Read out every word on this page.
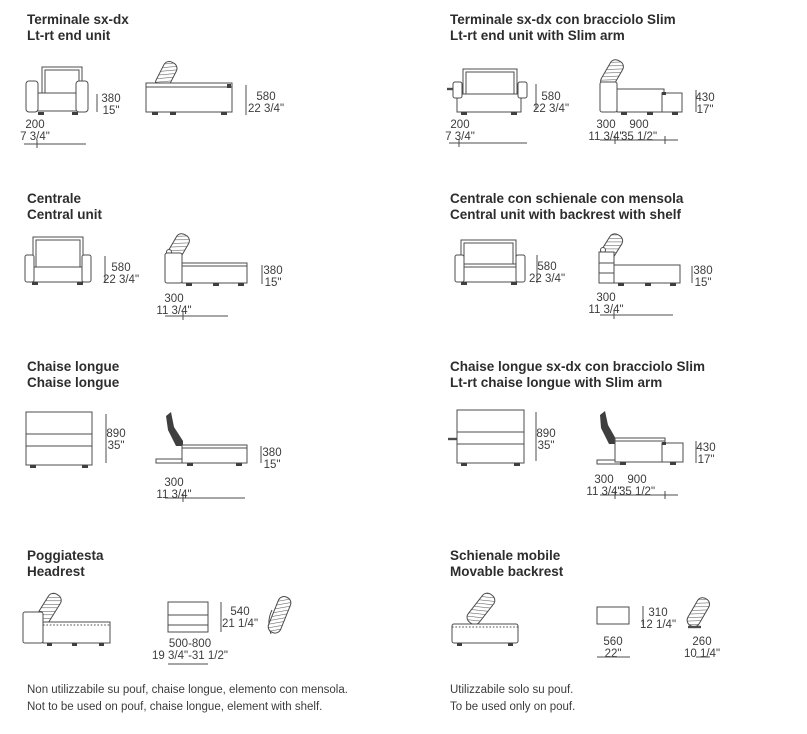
Terminale sx-dx
Lt-rt end unit
380
15"
200
7 3/4"
580
22 3/4"
Terminale sx-dx con bracciolo Slim
Lt-rt end unit with Slim arm
580
22 3/4"
200
7 3/4"
430
17"
300
11 3/4"
900
35 1/2"
Centrale
Central unit
580
22 3/4"
380
15"
300
11 3/4"
Centrale con schienale con mensola
Central unit with backrest with shelf
580
22 3/4"
380
15"
300
11 3/4"
Chaise longue
Chaise longue
890
35"
380
15"
300
11 3/4"
Chaise longue sx-dx con bracciolo Slim
Lt-rt chaise longue with Slim arm
890
35"	430
17"
300
11 3/4"
900
35 1/2"
Poggiatesta
Headrest
540
21 1/4"
500-800
19 3/4"-31 1/2"
Schienale mobile
Movable backrest
310
12 1/4"
560
22"
260
10 1/4"
Non utilizzabile su pouf, chaise longue, elemento con mensola.
Not to be used on pouf, chaise longue, element with shelf.
Utilizzabile solo su pouf.
To be used only on pouf.
